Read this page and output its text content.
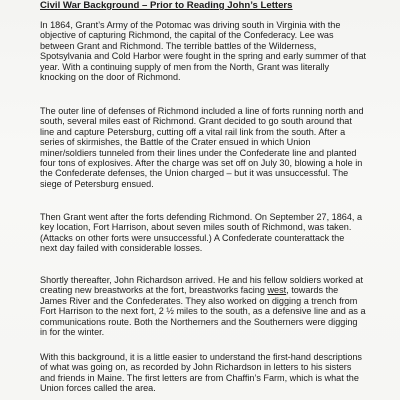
Civil War Background – Prior to Reading John’s Letters
In 1864, Grant’s Army of the Potomac was driving south in Virginia with the
objective of capturing Richmond, the capital of the Confederacy. Lee was
between Grant and Richmond. The terrible battles of the Wilderness,
Spotsylvania and Cold Harbor were fought in the spring and early summer of that
year. With a continuing supply of men from the North, Grant was literally
knocking on the door of Richmond.
The outer line of defenses of Richmond included a line of forts running north and
south, several miles east of Richmond. Grant decided to go south around that
line and capture Petersburg, cutting off a vital rail link from the south. After a
series of skirmishes, the Battle of the Crater ensued in which Union
miner/soldiers tunneled from their lines under the Confederate line and planted
four tons of explosives. After the charge was set off on July 30, blowing a hole in
the Confederate defenses, the Union charged – but it was unsuccessful. The
siege of Petersburg ensued.
Then Grant went after the forts defending Richmond. On September 27, 1864, a
key location, Fort Harrison, about seven miles south of Richmond, was taken.
(Attacks on other forts were unsuccessful.) A Confederate counterattack the
next day failed with considerable losses.
Shortly thereafter, John Richardson arrived. He and his fellow soldiers worked at
creating new breastworks at the fort, breastworks facing west, towards the
James River and the Confederates. They also worked on digging a trench from
Fort Harrison to the next fort, 2 ½ miles to the south, as a defensive line and as a
communications route. Both the Northerners and the Southerners were digging
in for the winter.
With this background, it is a little easier to understand the first-hand descriptions
of what was going on, as recorded by John Richardson in letters to his sisters
and friends in Maine. The first letters are from Chaffin’s Farm, which is what the
Union forces called the area.
